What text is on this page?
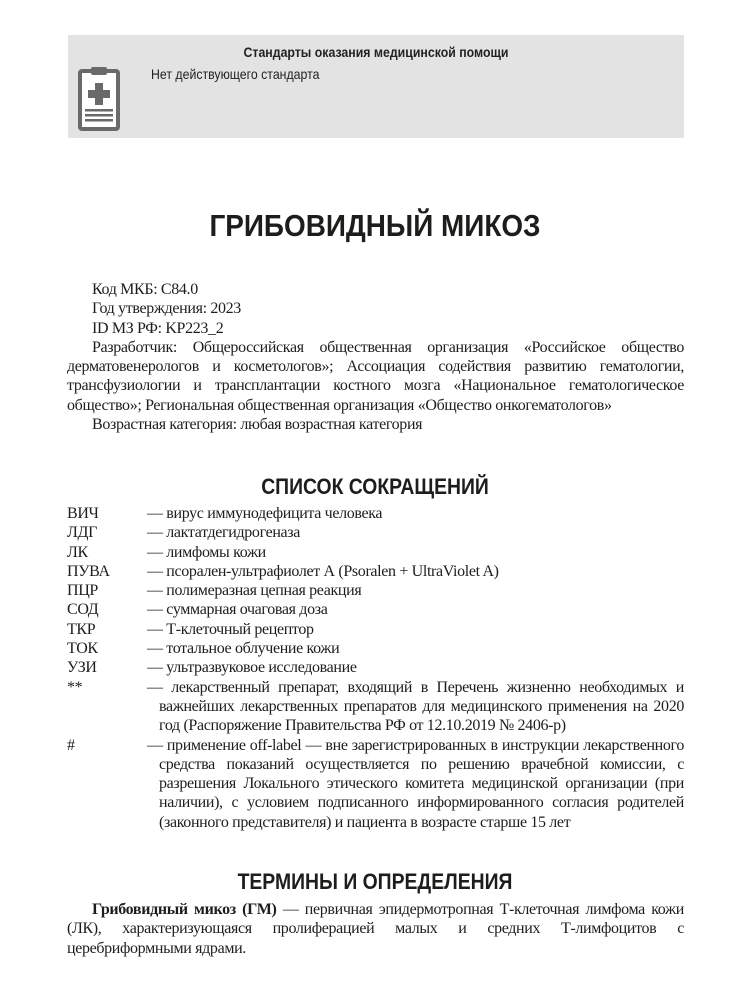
Стандарты оказания медицинской помощи
Нет действующего стандарта
ГРИБОВИДНЫЙ МИКОЗ

Код МКБ: C84.0

Год утверждения: 2023

ID МЗ РФ: KP223_2

Разработчик: Общероссийская общественная организация «Российское общество дерматовенерологов и косметологов»; Ассоциация содействия развитию гематологии, трансфузиологии и трансплантации костного мозга «Национальное гематологическое общество»; Региональная общественная организация «Общество онкогематологов»

Возрастная категория: любая возрастная категория

СПИСОК СОКРАЩЕНИЙ
ВИЧ	— вирус иммунодефицита человека
ЛДГ	— лактатдегидрогеназа
ЛК	— лимфомы кожи
ПУВА	— псорален-ультрафиолет А (Psoralen + UltraViolet A)
ПЦР	— полимеразная цепная реакция
СОД	— суммарная очаговая доза
ТКР	— Т-клеточный рецептор
ТОК	— тотальное облучение кожи
УЗИ	— ультразвуковое исследование
**	— лекарственный препарат, входящий в Перечень жизненно необходимых и важнейших лекарственных препаратов для медицинского применения на 2020 год (Распоряжение Правительства РФ от 12.10.2019 № 2406-р)
#	— применение off-label — вне зарегистрированных в инструкции лекарственного средства показаний осуществляется по решению врачебной комиссии, с разрешения Локального этического комитета медицинской организации (при наличии), с условием подписанного информированного согласия родителей (законного представителя) и пациента в возрасте старше 15 лет
ТЕРМИНЫ И ОПРЕДЕЛЕНИЯ

Грибовидный микоз (ГМ) — первичная эпидермотропная Т-клеточная лимфома кожи (ЛК), характеризующаяся пролиферацией малых и средних Т-лимфоцитов с церебриформными ядрами.
